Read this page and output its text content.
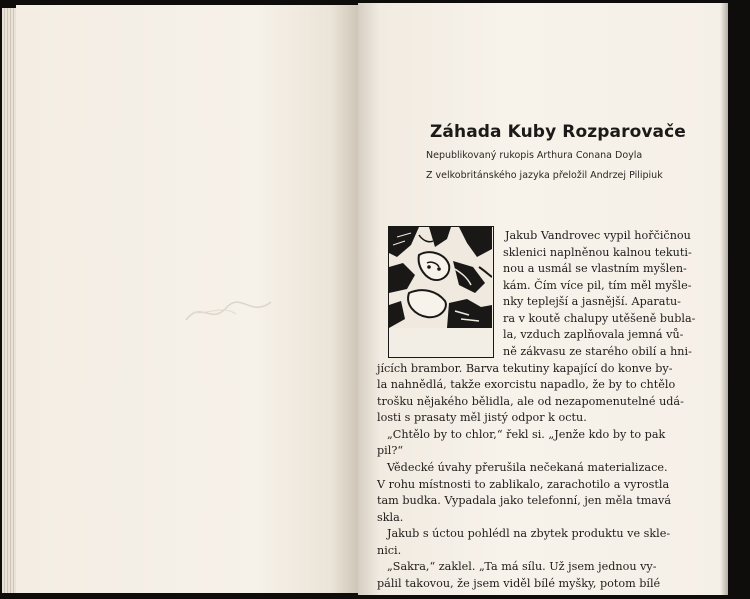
Záhada Kuby Rozparovače
Nepublikovaný rukopis Arthura Conana Doyla
Z velkobritánského jazyka přeložil Andrzej Pilipiuk
Jakub Vandrovec vypil hořčičnou
sklenici naplněnou kalnou tekuti-
nou a usmál se vlastním myšlen-
kám. Čím více pil, tím měl myšle-
nky teplejší a jasnější. Aparatu-
ra v koutě chalupy utěšeně bubla-
la, vzduch zaplňovala jemná vů-
ně zákvasu ze starého obilí a hni-
jících brambor. Barva tekutiny kapající do konve by-
la nahnědlá, takže exorcistu napadlo, že by to chtělo
trošku nějakého bělidla, ale od nezapomenutelné udá-
losti s prasaty měl jistý odpor k octu.
„Chtělo by to chlor,“ řekl si. „Jenže kdo by to pak
pil?“
Vědecké úvahy přerušila nečekaná materializace.
V rohu místnosti to zablikalo, zarachotilo a vyrostla
tam budka. Vypadala jako telefonní, jen měla tmavá
skla.
Jakub s úctou pohlédl na zbytek produktu ve skle-
nici.
„Sakra,“ zaklel. „Ta má sílu. Už jsem jednou vy-
pálil takovou, že jsem viděl bílé myšky, potom bílé
